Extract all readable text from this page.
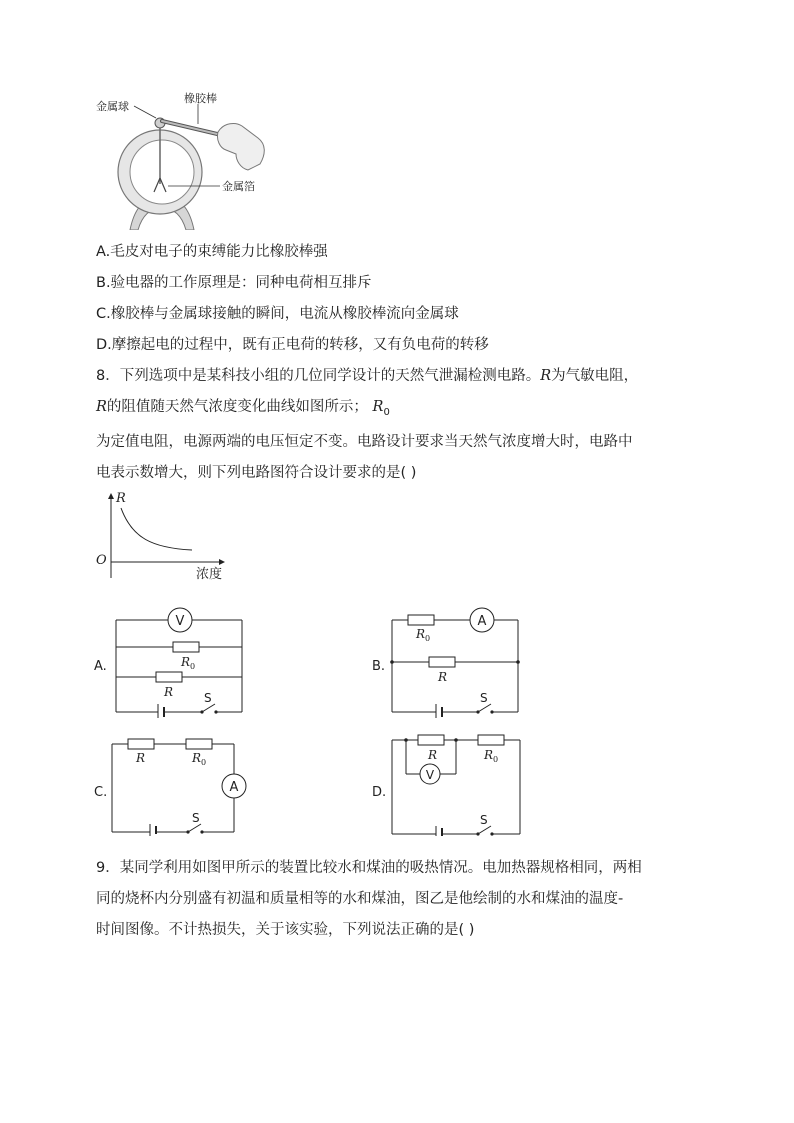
金属球
橡胶棒
金属箔
A.毛皮对电子的束缚能力比橡胶棒强
B.验电器的工作原理是：同种电荷相互排斥
C.橡胶棒与金属球接触的瞬间，电流从橡胶棒流向金属球
D.摩擦起电的过程中，既有正电荷的转移，又有负电荷的转移
8．下列选项中是某科技小组的几位同学设计的天然气泄漏检测电路。R为气敏电阻，
R的阻值随天然气浓度变化曲线如图所示； $R_0$
为定值电阻，电源两端的电压恒定不变。电路设计要求当天然气浓度增大时，电路中
电表示数增大，则下列电路图符合设计要求的是( )
R
O
浓度
V
$R_0$
R	S
A.
$R_0$
A
R
S
B.
R	$R_0$
A
S
C.
R	$R_0$
V
S
D.
9．某同学利用如图甲所示的装置比较水和煤油的吸热情况。电加热器规格相同，两相
同的烧杯内分别盛有初温和质量相等的水和煤油，图乙是他绘制的水和煤油的温度-
时间图像。不计热损失，关于该实验，下列说法正确的是( )
